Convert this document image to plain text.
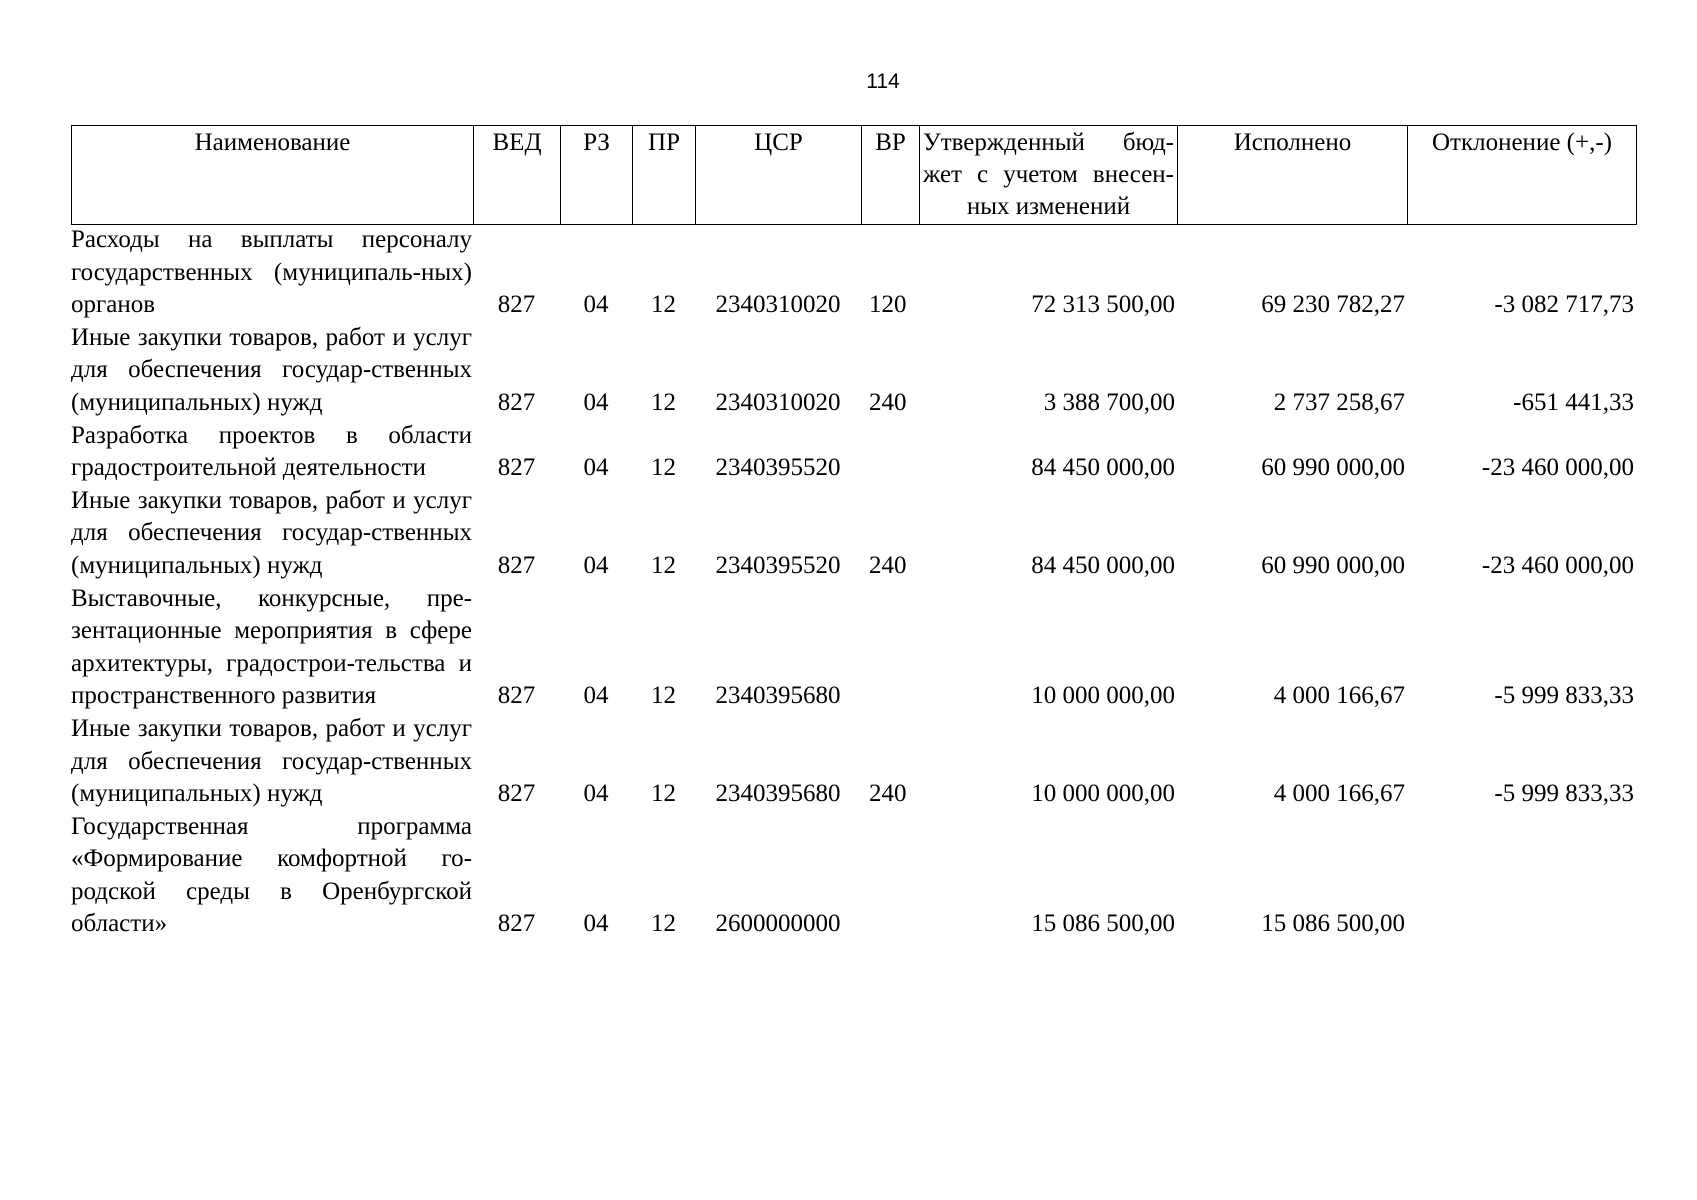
114
Наименование	ВЕД	РЗ	ПР	ЦСР	ВР	Утвержденный бюд-жет с учетом внесен-ных изменений	Исполнено	Отклонение (+,-)
Расходы на выплаты персоналу государственных (муниципаль-ных) органов	827	04	12	2340310020	120	72 313 500,00	69 230 782,27	-3 082 717,73
Иные закупки товаров, работ и услуг для обеспечения государ-ственных (муниципальных) нужд	827	04	12	2340310020	240	3 388 700,00	2 737 258,67	-651 441,33
Разработка проектов в области градостроительной деятельности	827	04	12	2340395520		84 450 000,00	60 990 000,00	-23 460 000,00
Иные закупки товаров, работ и услуг для обеспечения государ-ственных (муниципальных) нужд	827	04	12	2340395520	240	84 450 000,00	60 990 000,00	-23 460 000,00
Выставочные, конкурсные, пре-зентационные мероприятия в сфере архитектуры, градострои-тельства и пространственного развития	827	04	12	2340395680		10 000 000,00	4 000 166,67	-5 999 833,33
Иные закупки товаров, работ и услуг для обеспечения государ-ственных (муниципальных) нужд	827	04	12	2340395680	240	10 000 000,00	4 000 166,67	-5 999 833,33
Государственная программа «Формирование комфортной го-родской среды в Оренбургской области»	827	04	12	2600000000		15 086 500,00	15 086 500,00	
